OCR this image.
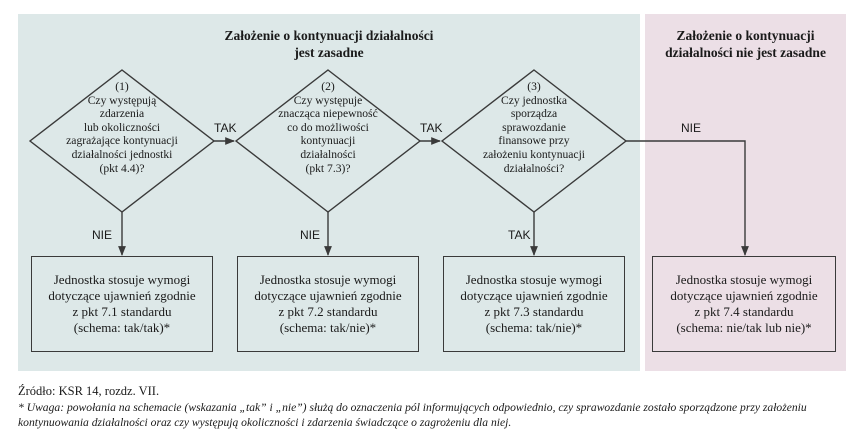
Założenie o kontynuacji działalności
jest zasadne
Założenie o kontynuacji
działalności nie jest zasadne
(1)
Czy występują
zdarzenia
lub okoliczności
zagrażające kontynuacji
działalności jednostki
(pkt 4.4)?
(2)
Czy występuje
znacząca niepewność
co do możliwości
kontynuacji
działalności
(pkt 7.3)?
(3)
Czy jednostka
sporządza
sprawozdanie
finansowe przy
założeniu kontynuacji
działalności?
TAK	TAK	NIE
NIE	NIE	TAK
Jednostka stosuje wymogi
dotyczące ujawnień zgodnie
z pkt 7.1 standardu
(schema: tak/tak)*
Jednostka stosuje wymogi
dotyczące ujawnień zgodnie
z pkt 7.2 standardu
(schema: tak/nie)*
Jednostka stosuje wymogi
dotyczące ujawnień zgodnie
z pkt 7.3 standardu
(schema: tak/nie)*
Jednostka stosuje wymogi
dotyczące ujawnień zgodnie
z pkt 7.4 standardu
(schema: nie/tak lub nie)*
Źródło: KSR 14, rozdz. VII.
* Uwaga: powołania na schemacie (wskazania „tak” i „nie”) służą do oznaczenia pól informujących odpowiednio, czy sprawozdanie zostało sporządzone przy założeniu kontynuowania działalności oraz czy występują okoliczności i zdarzenia świadczące o zagrożeniu dla niej.
